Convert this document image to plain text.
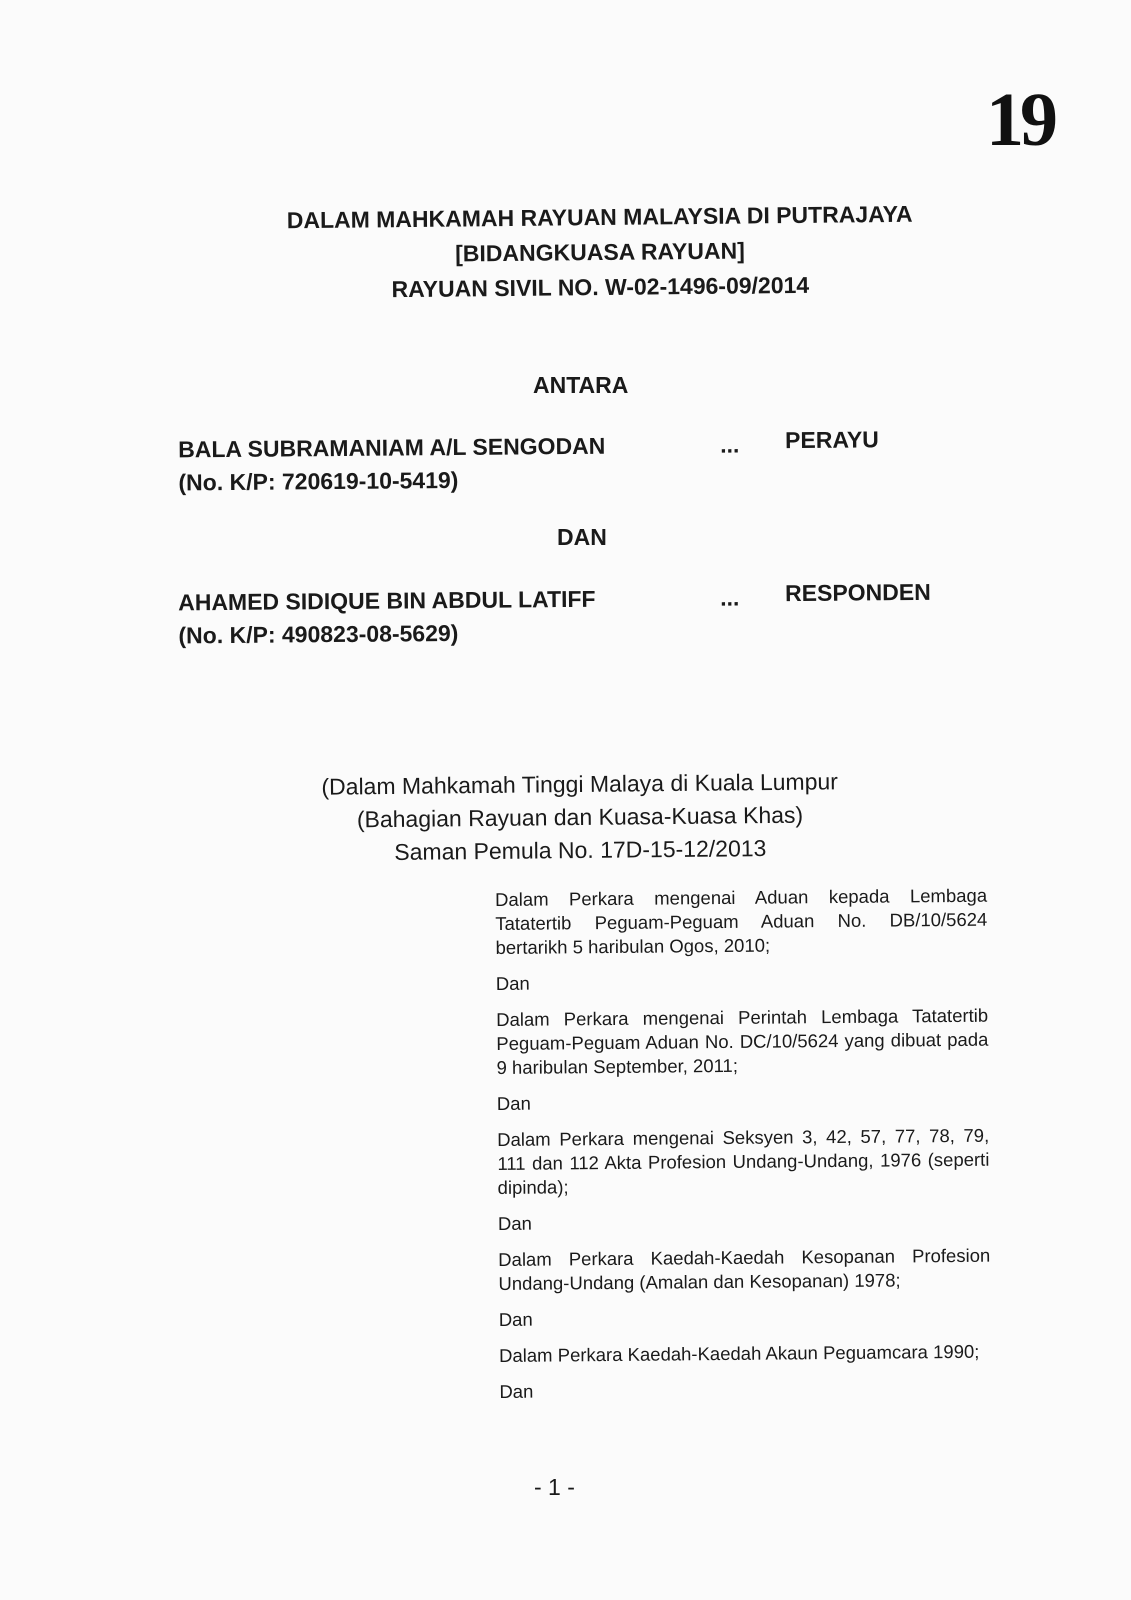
19
DALAM MAHKAMAH RAYUAN MALAYSIA DI PUTRAJAYA
[BIDANGKUASA RAYUAN]
RAYUAN SIVIL NO. W-02-1496-09/2014
ANTARA
BALA SUBRAMANIAM A/L SENGODAN	... PERAYU
(No. K/P: 720619-10-5419)
DAN
AHAMED SIDIQUE BIN ABDUL LATIFF	... RESPONDEN
(No. K/P: 490823-08-5629)
(Dalam Mahkamah Tinggi Malaya di Kuala Lumpur
(Bahagian Rayuan dan Kuasa-Kuasa Khas)
Saman Pemula No. 17D-15-12/2013

Dalam Perkara mengenai Aduan kepada Lembaga Tatatertib Peguam-Peguam Aduan No. DB/10/5624 bertarikh 5 haribulan Ogos, 2010;

Dan

Dalam Perkara mengenai Perintah Lembaga Tatatertib Peguam-Peguam Aduan No. DC/10/5624 yang dibuat pada 9 haribulan September, 2011;

Dan

Dalam Perkara mengenai Seksyen 3, 42, 57, 77, 78, 79, 111 dan 112 Akta Profesion Undang-Undang, 1976 (seperti dipinda);

Dan

Dalam Perkara Kaedah-Kaedah Kesopanan Profesion Undang-Undang (Amalan dan Kesopanan) 1978;

Dan

Dalam Perkara Kaedah-Kaedah Akaun Peguamcara 1990;

Dan

- 1 -
